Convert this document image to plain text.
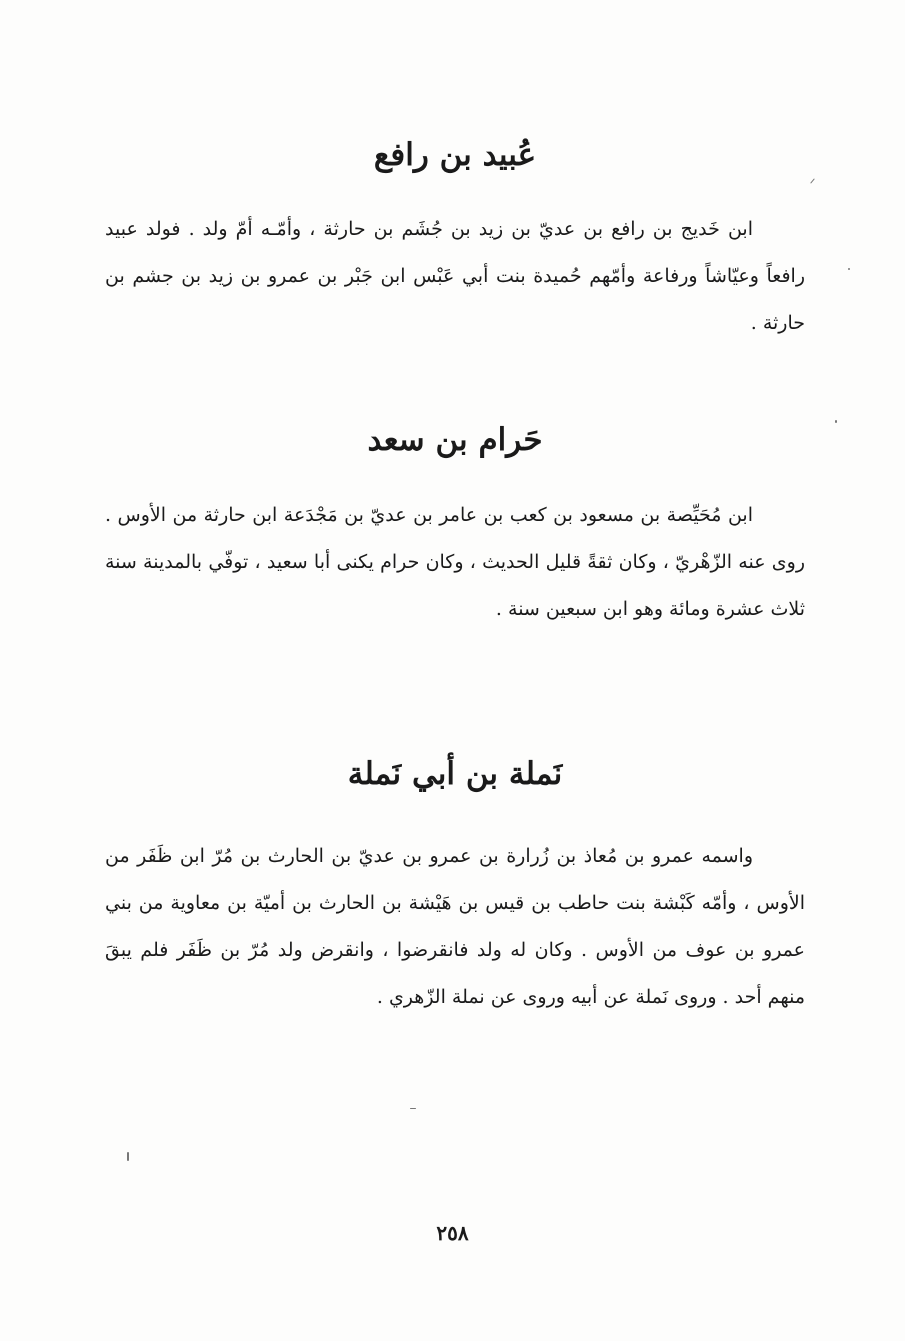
عُبيد بن رافع

ابن خَديج بن رافع بن عديّ بن زيد بن جُشَم بن حارثة ، وأمّـه أمّ ولد . فولد عبيد رافعاً وعيّاشاً ورفاعة وأمّهم حُميدة بنت أبي عَبْس ابن جَبْر بن عمرو بن زيد بن جشم بن حارثة .

حَرام بن سعد

ابن مُحَيِّصة بن مسعود بن كعب بن عامر بن عديّ بن مَجْدَعة ابن حارثة من الأوس . روى عنه الزّهْريّ ، وكان ثقةً قليل الحديث ، وكان حرام يكنى أبا سعيد ، توفّي بالمدينة سنة ثلاث عشرة ومائة وهو ابن سبعين سنة .

نَملة بن أبي نَملة

واسمه عمرو بن مُعاذ بن زُرارة بن عمرو بن عديّ بن الحارث بن مُرّ ابن ظَفَر من الأوس ، وأمّه كَبْشة بنت حاطب بن قيس بن هَيْشة بن الحارث بن أميّة بن معاوية من بني عمرو بن عوف من الأوس . وكان له ولد فانقرضوا ، وانقرض ولد مُرّ بن ظَفَر فلم يبقَ منهم أحد . وروى نَملة عن أبيه وروى عن نملة الزّهري .

٢٥٨
